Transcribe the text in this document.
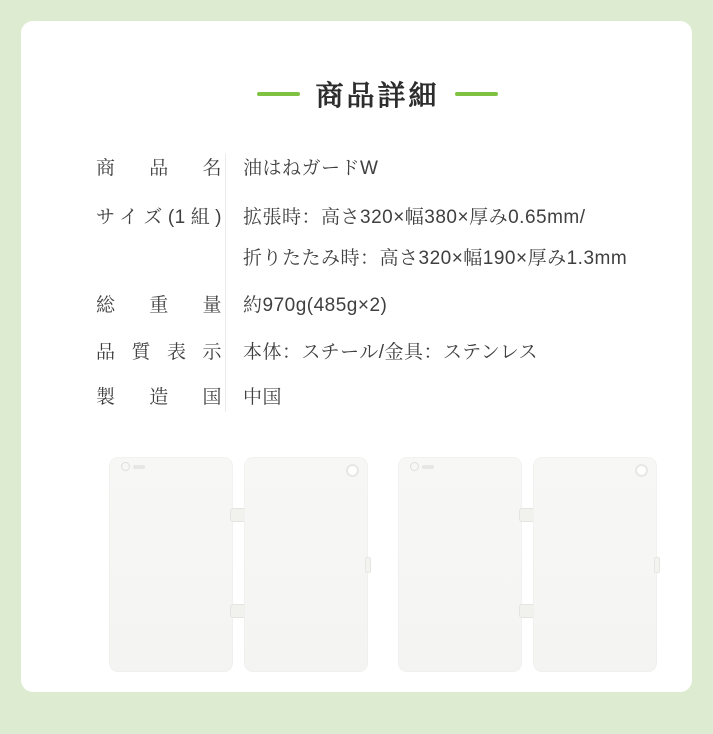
商品詳細
商品名 油はねガードW
サイズ(1組) 拡張時：高さ320×幅380×厚み0.65mm/
折りたたみ時：高さ320×幅190×厚み1.3mm
総重量 約970g(485g×2)
品質表示 本体：スチール/金具：ステンレス
製造国 中国
